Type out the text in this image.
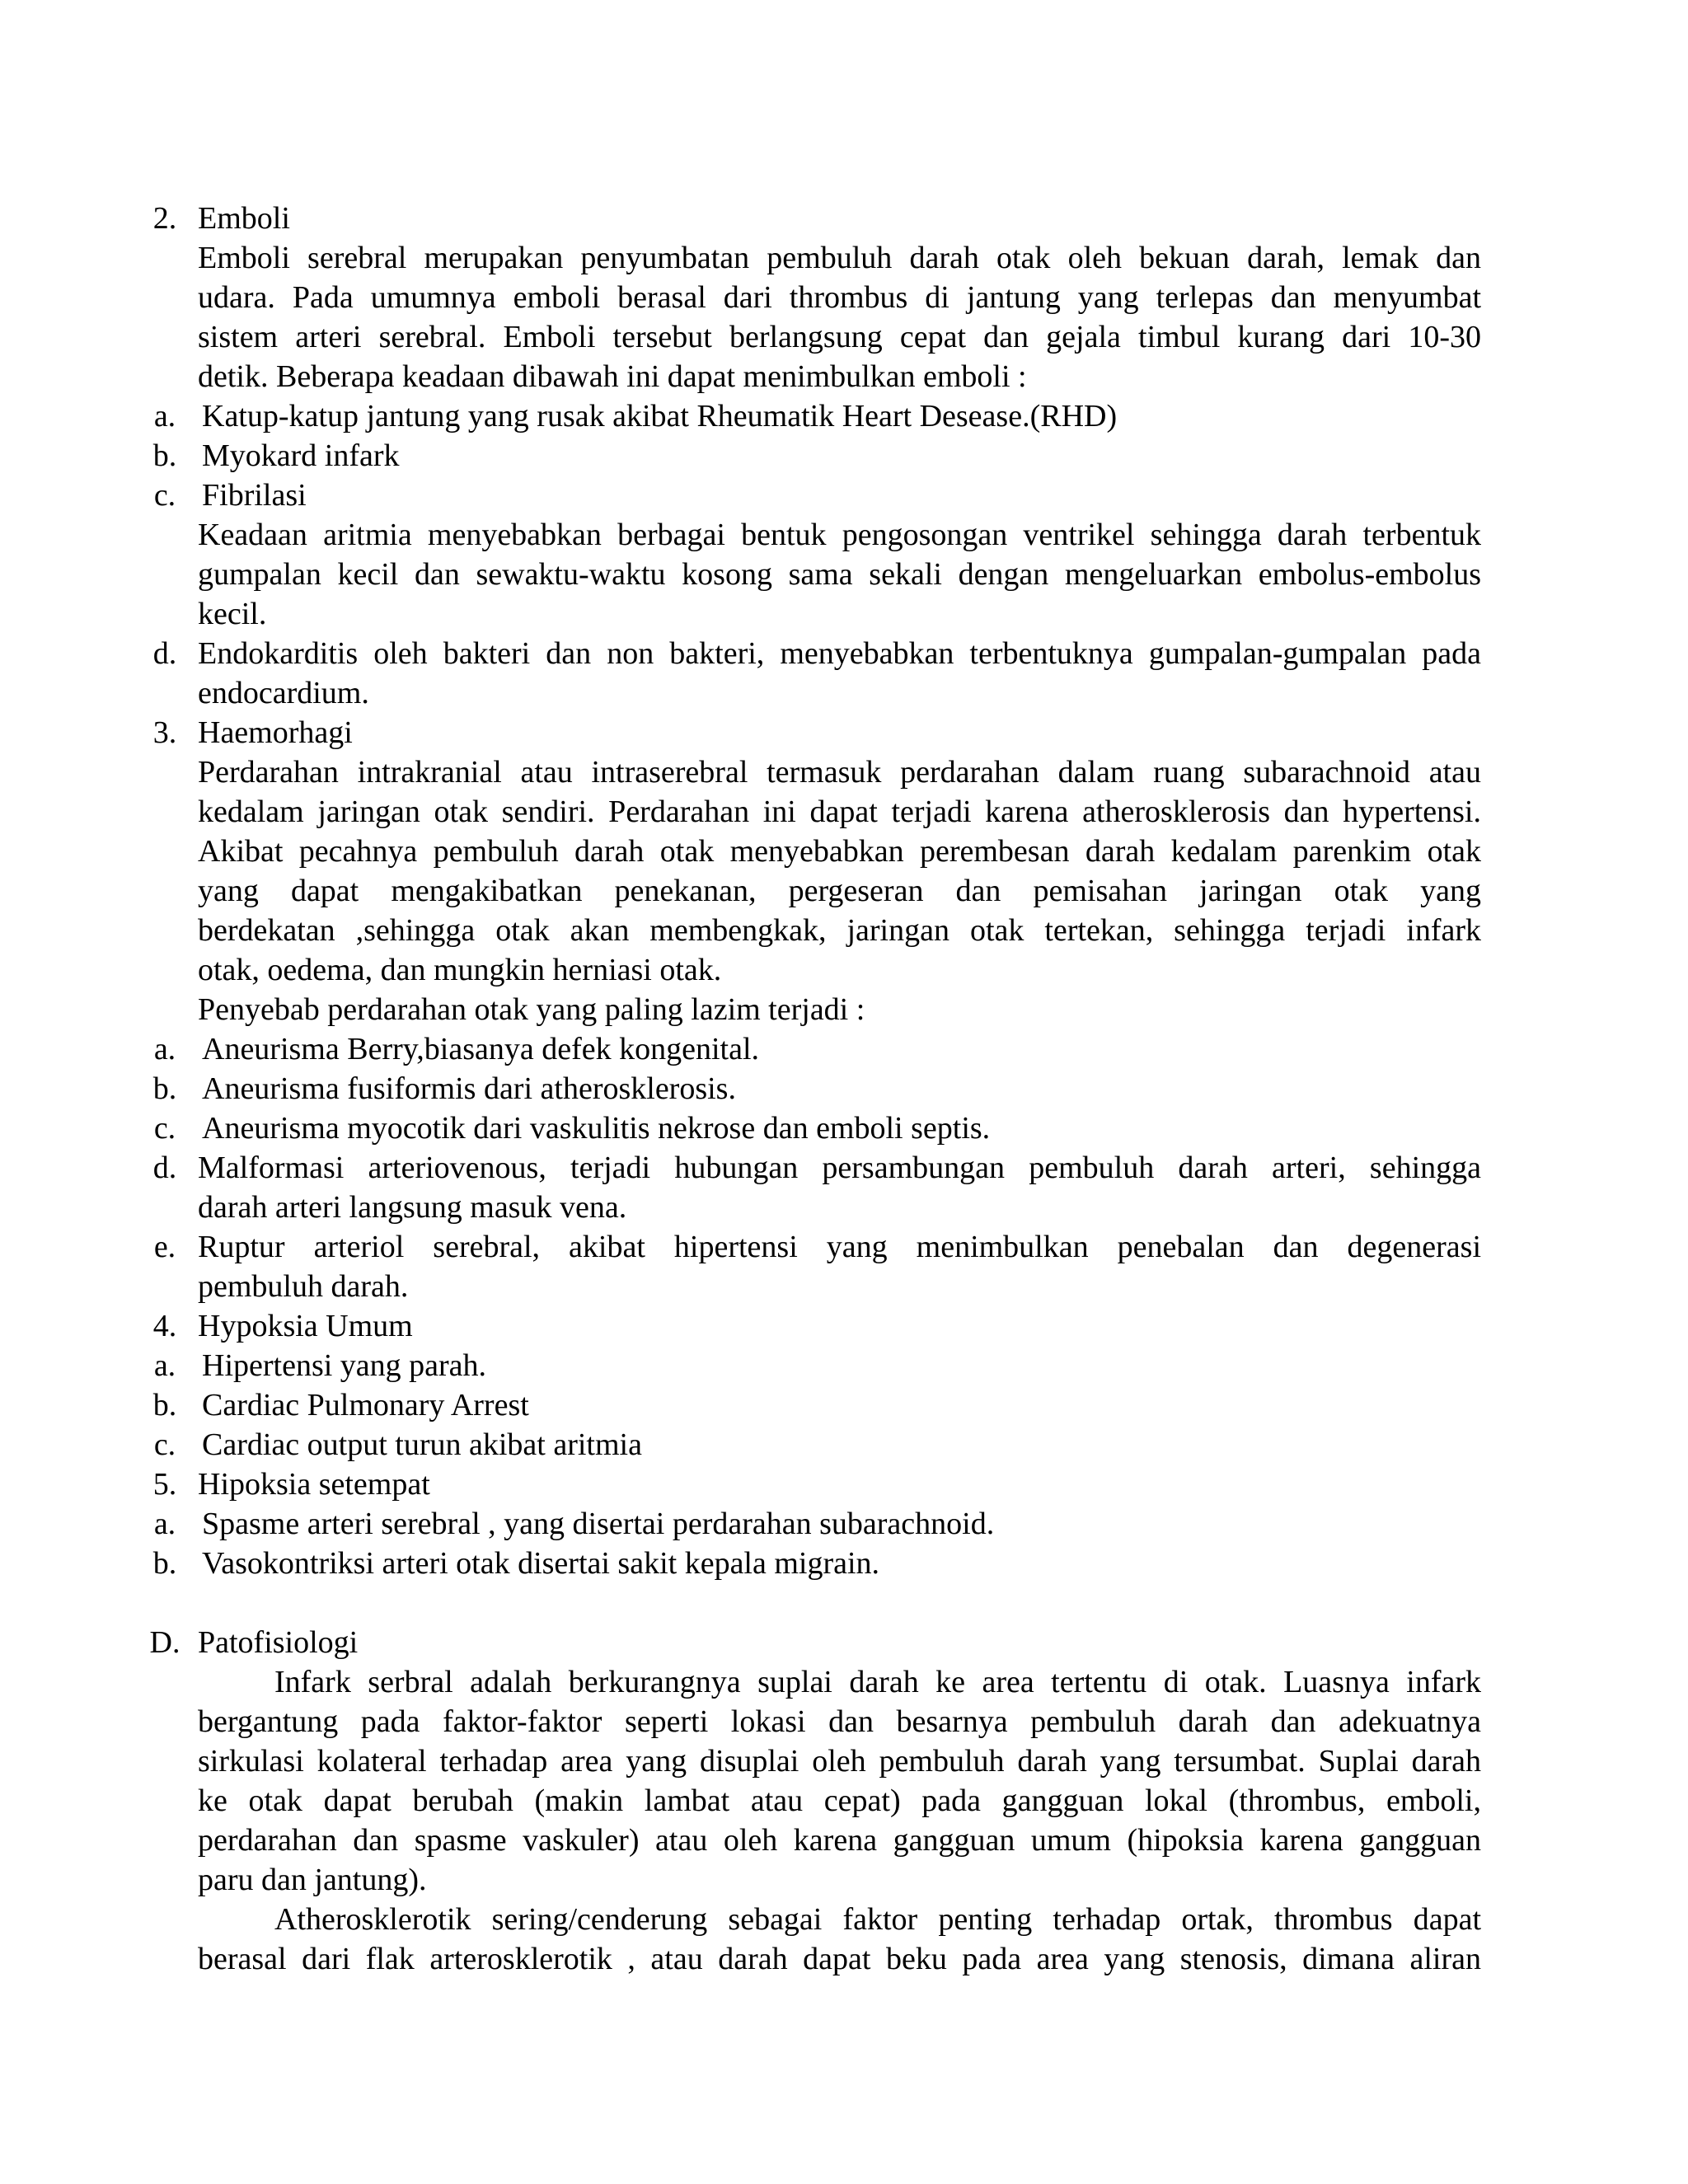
2. Emboli
Emboli serebral merupakan penyumbatan pembuluh darah otak oleh bekuan darah, lemak dan
udara. Pada umumnya emboli berasal dari thrombus di jantung yang terlepas dan menyumbat
sistem arteri serebral. Emboli tersebut berlangsung cepat dan gejala timbul kurang dari 10-30
detik. Beberapa keadaan dibawah ini dapat menimbulkan emboli :
a. Katup-katup jantung yang rusak akibat Rheumatik Heart Desease.(RHD)
b. Myokard infark
c. Fibrilasi
Keadaan aritmia menyebabkan berbagai bentuk pengosongan ventrikel sehingga darah terbentuk
gumpalan kecil dan sewaktu-waktu kosong sama sekali dengan mengeluarkan embolus-embolus
kecil.
d. Endokarditis oleh bakteri dan non bakteri, menyebabkan terbentuknya gumpalan-gumpalan pada
endocardium.
3. Haemorhagi
Perdarahan intrakranial atau intraserebral termasuk perdarahan dalam ruang subarachnoid atau
kedalam jaringan otak sendiri. Perdarahan ini dapat terjadi karena atherosklerosis dan hypertensi.
Akibat pecahnya pembuluh darah otak menyebabkan perembesan darah kedalam parenkim otak
yang dapat mengakibatkan penekanan, pergeseran dan pemisahan jaringan otak yang
berdekatan ,sehingga otak akan membengkak, jaringan otak tertekan, sehingga terjadi infark
otak, oedema, dan mungkin herniasi otak.
Penyebab perdarahan otak yang paling lazim terjadi :
a. Aneurisma Berry,biasanya defek kongenital.
b. Aneurisma fusiformis dari atherosklerosis.
c. Aneurisma myocotik dari vaskulitis nekrose dan emboli septis.
d. Malformasi arteriovenous, terjadi hubungan persambungan pembuluh darah arteri, sehingga
darah arteri langsung masuk vena.
e. Ruptur arteriol serebral, akibat hipertensi yang menimbulkan penebalan dan degenerasi
pembuluh darah.
4. Hypoksia Umum
a. Hipertensi yang parah.
b. Cardiac Pulmonary Arrest
c. Cardiac output turun akibat aritmia
5. Hipoksia setempat
a. Spasme arteri serebral , yang disertai perdarahan subarachnoid.
b. Vasokontriksi arteri otak disertai sakit kepala migrain.
D. Patofisiologi
Infark serbral adalah berkurangnya suplai darah ke area tertentu di otak. Luasnya infark
bergantung pada faktor-faktor seperti lokasi dan besarnya pembuluh darah dan adekuatnya
sirkulasi kolateral terhadap area yang disuplai oleh pembuluh darah yang tersumbat. Suplai darah
ke otak dapat berubah (makin lambat atau cepat) pada gangguan lokal (thrombus, emboli,
perdarahan dan spasme vaskuler) atau oleh karena gangguan umum (hipoksia karena gangguan
paru dan jantung).
Atherosklerotik sering/cenderung sebagai faktor penting terhadap ortak, thrombus dapat
berasal dari flak arterosklerotik , atau darah dapat beku pada area yang stenosis, dimana aliran
